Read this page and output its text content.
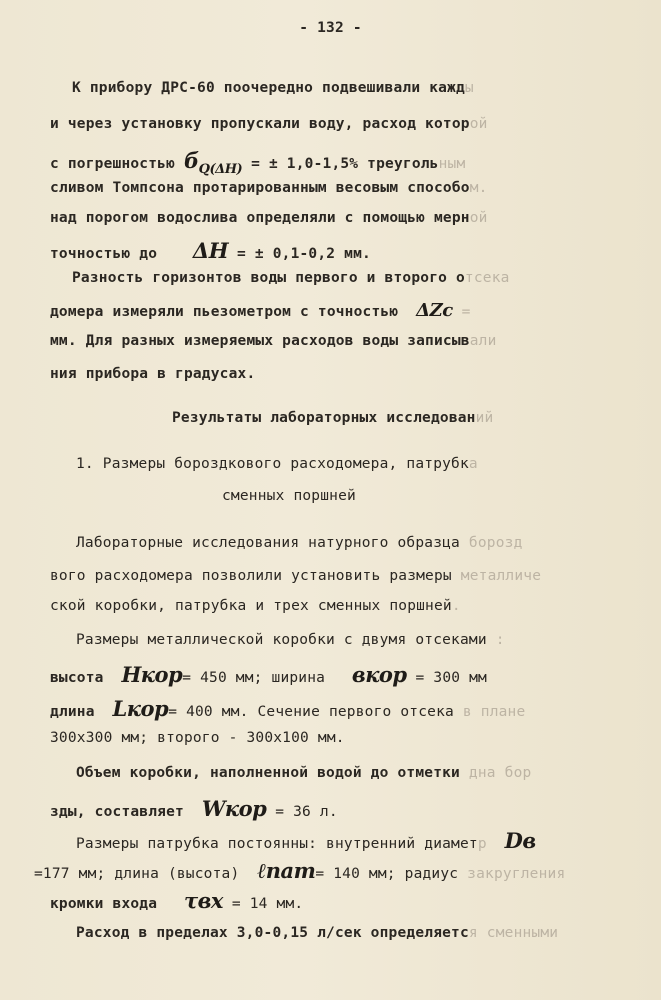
- 132 -
К прибору ДРС-60 поочередно подвешивали кажды
и через установку пропускали воду, расход которой
с погрешностью $б_{Q(\Delta H)}$ = ± 1,0-1,5% треугольным
сливом Томпсона протарированным весовым способом.
над порогом водослива определяли с помощью мерной
точностью до ΔH = ± 0,1-0,2 мм.
Разность горизонтов воды первого и второго отсека
домера измеряли пьезометром с точностью ΔZc =
мм. Для разных измеряемых расходов воды записывали
ния прибора в градусах.
Результаты лабораторных исследований
1. Размеры бороздкового расходомера, патрубка
сменных поршней
Лабораторные исследования натурного образца борозд
вого расходомера позволили установить размеры металличе
ской коробки, патрубка и трех сменных поршней.
Размеры металлической коробки с двумя отсеками :
высота Hкор= 450 мм; ширина вкор = 300 мм
длина Lкор= 400 мм. Сечение первого отсека в плане
300х300 мм; второго - 300х100 мм.
Объем коробки, наполненной водой до отметки дна бор
зды, составляет Wкор = 36 л.
Размеры патрубка постоянны: внутренний диаметр Dв
=177 мм; длина (высота) ℓпат= 140 мм; радиус закругления
кромки входа τвх = 14 мм.
Расход в пределах 3,0-0,15 л/сек определяется сменными
